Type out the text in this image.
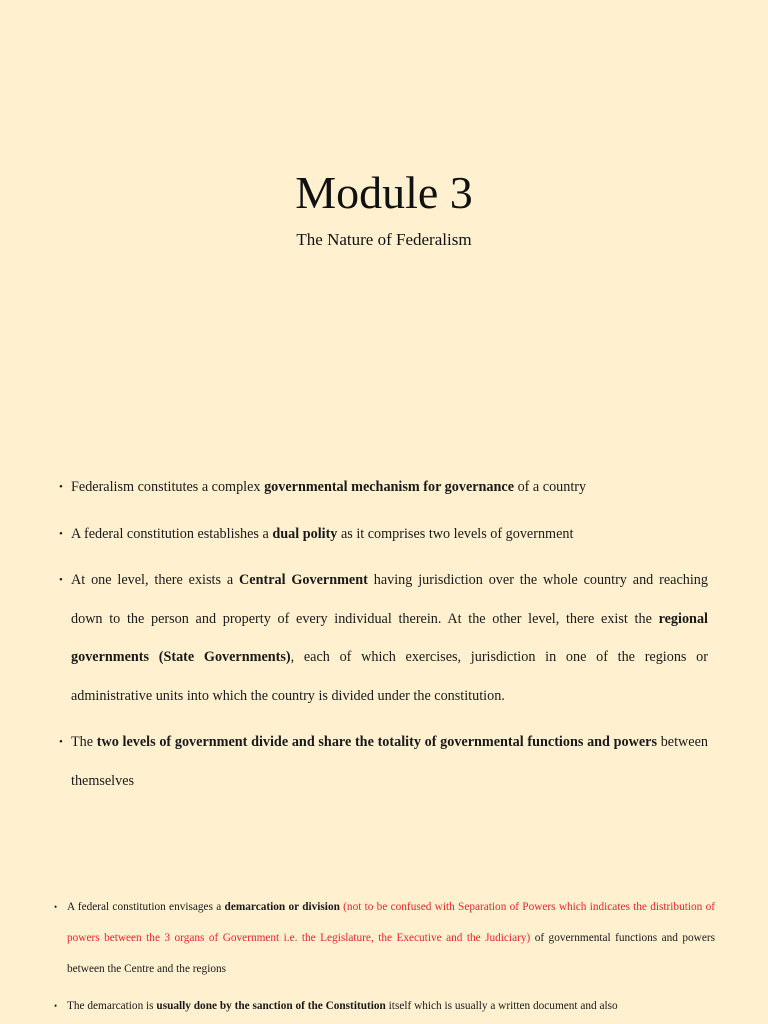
Module 3

The Nature of Federalism

• Federalism constitutes a complex governmental mechanism for governance of a country
• A federal constitution establishes a dual polity as it comprises two levels of government
• At one level, there exists a Central Government having jurisdiction over the whole country and reaching down to the person and property of every individual therein. At the other level, there exist the regional governments (State Governments), each of which exercises, jurisdiction in one of the regions or administrative units into which the country is divided under the constitution.
• The two levels of government divide and share the totality of governmental functions and powers between themselves
• A federal constitution envisages a demarcation or division (not to be confused with Separation of Powers which indicates the distribution of powers between the 3 organs of Government i.e. the Legislature, the Executive and the Judiciary) of governmental functions and powers between the Centre and the regions
• The demarcation is usually done by the sanction of the Constitution itself which is usually a written document and also
